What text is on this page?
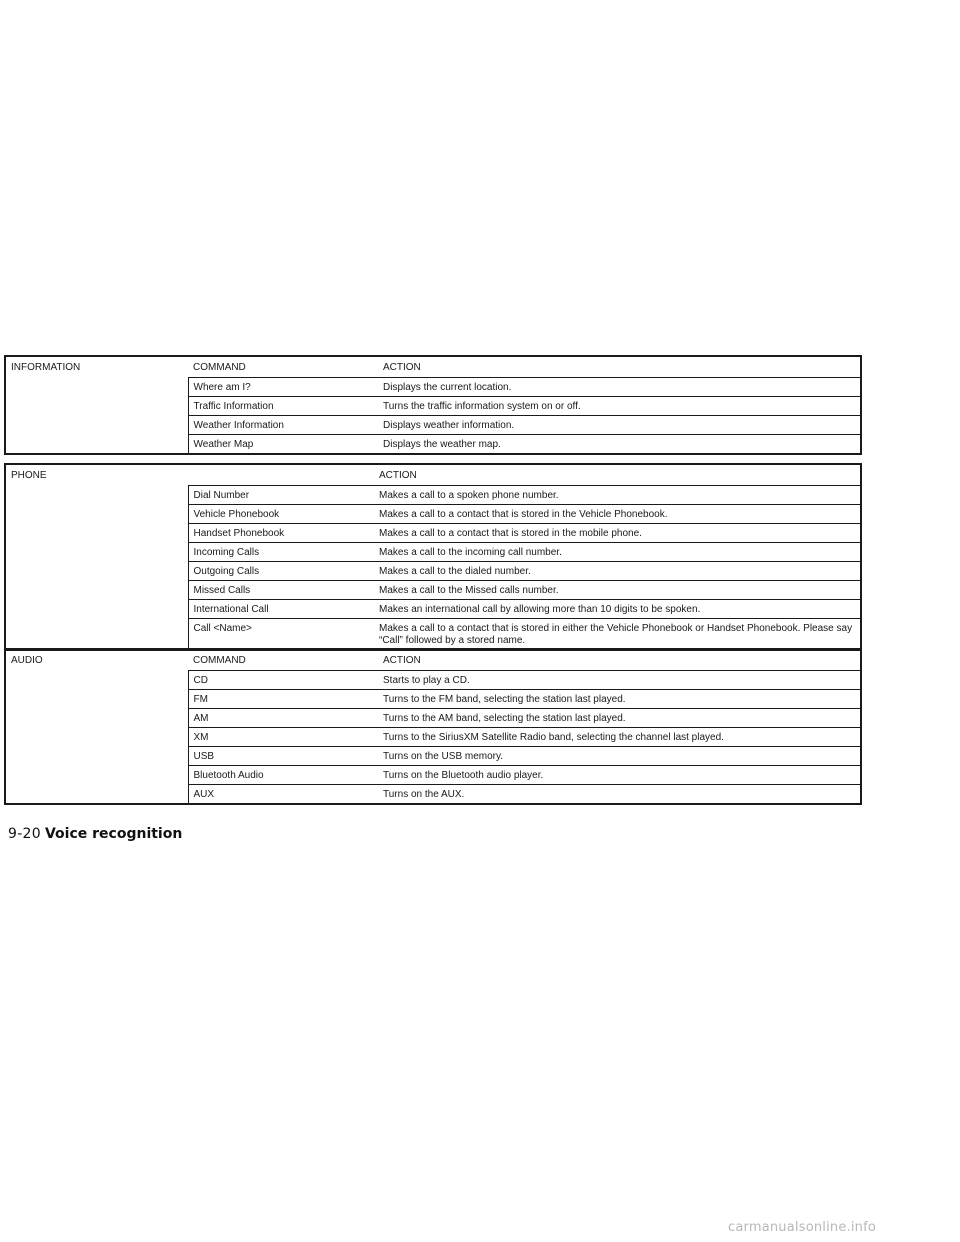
INFORMATION	COMMAND	ACTION
	Where am I?	Displays the current location.
	Traffic Information	Turns the traffic information system on or off.
	Weather Information	Displays weather information.
	Weather Map	Displays the weather map.
PHONE		ACTION
	Dial Number	Makes a call to a spoken phone number.
	Vehicle Phonebook	Makes a call to a contact that is stored in the Vehicle Phonebook.
	Handset Phonebook	Makes a call to a contact that is stored in the mobile phone.
	Incoming Calls	Makes a call to the incoming call number.
	Outgoing Calls	Makes a call to the dialed number.
	Missed Calls	Makes a call to the Missed calls number.
	International Call	Makes an international call by allowing more than 10 digits to be spoken.
	Call <Name>	Makes a call to a contact that is stored in either the Vehicle Phonebook or Handset Phonebook. Please say “Call” followed by a stored name.
AUDIO	COMMAND	ACTION
	CD	Starts to play a CD.
	FM	Turns to the FM band, selecting the station last played.
	AM	Turns to the AM band, selecting the station last played.
	XM	Turns to the SiriusXM Satellite Radio band, selecting the channel last played.
	USB	Turns on the USB memory.
	Bluetooth Audio	Turns on the Bluetooth audio player.
	AUX	Turns on the AUX.
9-20 Voice recognition
carmanualsonline.info
